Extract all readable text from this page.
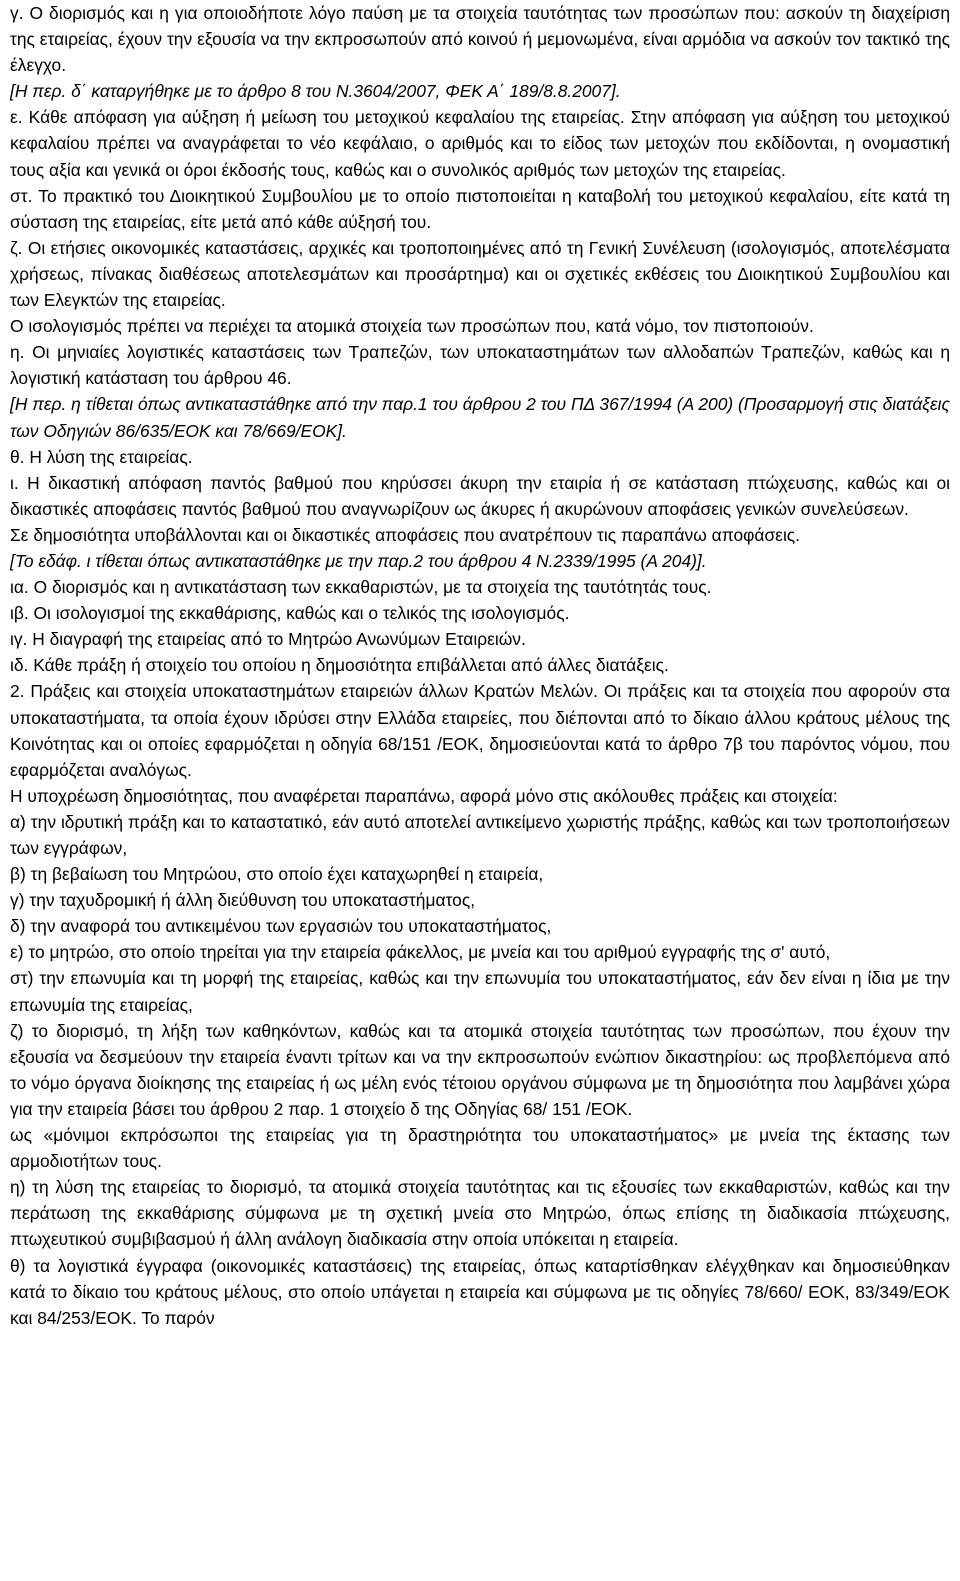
γ. Ο διορισμός και η για οποιοδήποτε λόγο παύση με τα στοιχεία ταυτότητας των προσώπων που: ασκούν τη διαχείριση της εταιρείας, έχουν την εξουσία να την εκπροσωπούν από κοινού ή μεμονωμένα, είναι αρμόδια να ασκούν τον τακτικό της έλεγχο.

[Η περ. δ΄ καταργήθηκε με το άρθρο 8 του Ν.3604/2007, ΦΕΚ Α΄ 189/8.8.2007].

ε. Κάθε απόφαση για αύξηση ή μείωση του μετοχικού κεφαλαίου της εταιρείας. Στην απόφαση για αύξηση του μετοχικού κεφαλαίου πρέπει να αναγράφεται το νέο κεφάλαιο, ο αριθμός και το είδος των μετοχών που εκδίδονται, η ονομαστική τους αξία και γενικά οι όροι έκδοσής τους, καθώς και ο συνολικός αριθμός των μετοχών της εταιρείας.

στ. Το πρακτικό του Διοικητικού Συμβουλίου με το οποίο πιστοποιείται η καταβολή του μετοχικού κεφαλαίου, είτε κατά τη σύσταση της εταιρείας, είτε μετά από κάθε αύξησή του.

ζ. Οι ετήσιες οικονομικές καταστάσεις, αρχικές και τροποποιημένες από τη Γενική Συνέλευση (ισολογισμός, αποτελέσματα χρήσεως, πίνακας διαθέσεως αποτελεσμάτων και προσάρτημα) και οι σχετικές εκθέσεις του Διοικητικού Συμβουλίου και των Ελεγκτών της εταιρείας.

Ο ισολογισμός πρέπει να περιέχει τα ατομικά στοιχεία των προσώπων που, κατά νόμο, τον πιστοποιούν.

η. Οι μηνιαίες λογιστικές καταστάσεις των Τραπεζών, των υποκαταστημάτων των αλλοδαπών Τραπεζών, καθώς και η λογιστική κατάσταση του άρθρου 46.

[Η περ. η τίθεται όπως αντικαταστάθηκε από την παρ.1 του άρθρου 2 του ΠΔ 367/1994 (Α 200) (Προσαρμογή στις διατάξεις των Οδηγιών 86/635/ΕΟΚ και 78/669/ΕΟΚ].

θ. Η λύση της εταιρείας.

ι. Η δικαστική απόφαση παντός βαθμού που κηρύσσει άκυρη την εταιρία ή σε κατάσταση πτώχευσης, καθώς και οι δικαστικές αποφάσεις παντός βαθμού που αναγνωρίζουν ως άκυρες ή ακυρώνουν αποφάσεις γενικών συνελεύσεων.

Σε δημοσιότητα υποβάλλονται και οι δικαστικές αποφάσεις που ανατρέπουν τις παραπάνω αποφάσεις.

[Το εδάφ. ι τίθεται όπως αντικαταστάθηκε με την παρ.2 του άρθρου 4 Ν.2339/1995 (Α 204)].

ια. Ο διορισμός και η αντικατάσταση των εκκαθαριστών, με τα στοιχεία της ταυτότητάς τους.

ιβ. Οι ισολογισμοί της εκκαθάρισης, καθώς και ο τελικός της ισολογισμός.

ιγ. Η διαγραφή της εταιρείας από το Μητρώο Ανωνύμων Εταιρειών.

ιδ. Κάθε πράξη ή στοιχείο του οποίου η δημοσιότητα επιβάλλεται από άλλες διατάξεις.

2. Πράξεις και στοιχεία υποκαταστημάτων εταιρειών άλλων Κρατών Μελών. Οι πράξεις και τα στοιχεία που αφορούν στα υποκαταστήματα, τα οποία έχουν ιδρύσει στην Ελλάδα εταιρείες, που διέπονται από το δίκαιο άλλου κράτους μέλους της Κοινότητας και οι οποίες εφαρμόζεται η οδηγία 68/151 /ΕΟΚ, δημοσιεύονται κατά το άρθρο 7β του παρόντος νόμου, που εφαρμόζεται αναλόγως.

Η υποχρέωση δημοσιότητας, που αναφέρεται παραπάνω, αφορά μόνο στις ακόλουθες πράξεις και στοιχεία:

α) την ιδρυτική πράξη και το καταστατικό, εάν αυτό αποτελεί αντικείμενο χωριστής πράξης, καθώς και των τροποποιήσεων των εγγράφων,

β) τη βεβαίωση του Μητρώου, στο οποίο έχει καταχωρηθεί η εταιρεία,

γ) την ταχυδρομική ή άλλη διεύθυνση του υποκαταστήματος,

δ) την αναφορά του αντικειμένου των εργασιών του υποκαταστήματος,

ε) το μητρώο, στο οποίο τηρείται για την εταιρεία φάκελλος, με μνεία και του αριθμού εγγραφής της σ' αυτό,

στ) την επωνυμία και τη μορφή της εταιρείας, καθώς και την επωνυμία του υποκαταστήματος, εάν δεν είναι η ίδια με την επωνυμία της εταιρείας,

ζ) το διορισμό, τη λήξη των καθηκόντων, καθώς και τα ατομικά στοιχεία ταυτότητας των προσώπων, που έχουν την εξουσία να δεσμεύουν την εταιρεία έναντι τρίτων και να την εκπροσωπούν ενώπιον δικαστηρίου: ως προβλεπόμενα από το νόμο όργανα διοίκησης της εταιρείας ή ως μέλη ενός τέτοιου οργάνου σύμφωνα με τη δημοσιότητα που λαμβάνει χώρα για την εταιρεία βάσει του άρθρου 2 παρ. 1 στοιχείο δ της Οδηγίας 68/ 151 /ΕΟΚ.

ως «μόνιμοι εκπρόσωποι της εταιρείας για τη δραστηριότητα του υποκαταστήματος» με μνεία της έκτασης των αρμοδιοτήτων τους.

η) τη λύση της εταιρείας το διορισμό, τα ατομικά στοιχεία ταυτότητας και τις εξουσίες των εκκαθαριστών, καθώς και την περάτωση της εκκαθάρισης σύμφωνα με τη σχετική μνεία στο Μητρώο, όπως επίσης τη διαδικασία πτώχευσης, πτωχευτικού συμβιβασμού ή άλλη ανάλογη διαδικασία στην οποία υπόκειται η εταιρεία.

θ) τα λογιστικά έγγραφα (οικονομικές καταστάσεις) της εταιρείας, όπως καταρτίσθηκαν ελέγχθηκαν και δημοσιεύθηκαν κατά το δίκαιο του κράτους μέλους, στο οποίο υπάγεται η εταιρεία και σύμφωνα με τις οδηγίες 78/660/ ΕΟΚ, 83/349/ΕΟΚ και 84/253/ΕΟΚ. Το παρόν
